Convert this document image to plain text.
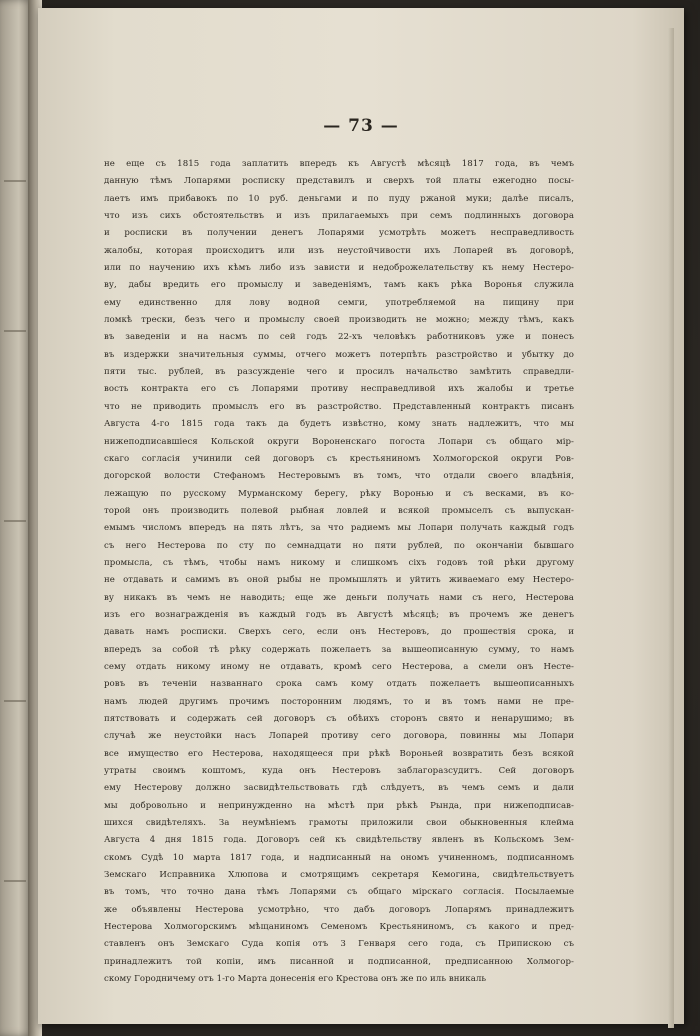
— 73 —
не еще съ 1815 года заплатить впередъ къ Августѣ мѣсяцѣ 1817 года, въ чемъ
данную тѣмъ Лопарями росписку представилъ и сверхъ той платы ежегодно посы-
лаетъ имъ прибавокъ по 10 руб. деньгами и по пуду ржаной муки; далѣе писалъ,
что изъ сихъ обстоятельствъ и изъ прилагаемыхъ при семъ подлинныхъ договора
и росписки въ получении денегъ Лопарями усмотрѣть можетъ несправедливость
жалобы, которая происходитъ или изъ неустойчивости ихъ Лопарей въ договорѣ,
или по научению ихъ кѣмъ либо изъ зависти и недоброжелательству къ нему Нестеро-
ву, дабы вредить его промыслу и заведеніямъ, тамъ какъ рѣка Воронья служила
ему единственно для лову водной семги, употребляемой на пищину при
ломкѣ трески, безъ чего и промыслу своей производить не можно; между тѣмъ, какъ
въ заведеніи и на насмъ по сей годъ 22-хъ человѣкъ работниковъ уже и понесъ
въ издержки значительныя суммы, отчего можетъ потерпѣть разстройство и убытку до
пяти тыс. рублей, въ разсужденіе чего и просилъ начальство замѣтить справедли-
вость контракта его съ Лопарями противу несправедливой ихъ жалобы и третье
что не приводить промыслъ его въ разстройство. Представленный контрактъ писанъ
Августа 4-го 1815 года такъ да будетъ извѣстно, кому знать надлежитъ, что мы
нижеподписавшіеся Кольской округи Вороненскаго погоста Лопари съ общаго мір-
скаго согласія учинили сей договоръ съ крестьяниномъ Холмогорской округи Ров-
догорской волости Стефаномъ Нестеровымъ въ томъ, что отдали своего владѣнія,
лежащую по русскому Мурманскому берегу, рѣку Воронью и съ весками, въ ко-
торой онъ производить полевой рыбная ловлей и всякой промыселъ съ выпускан-
емымъ числомъ впередъ на пять лѣтъ, за что радиемъ мы Лопари получать каждый годъ
съ него Нестерова по сту по семнадцати но пяти рублей, по окончаніи бывшаго
промысла, съ тѣмъ, чтобы намъ никому и слишкомъ сіхъ годовъ той рѣки другому
не отдавать и самимъ въ оной рыбы не промышлять и уйтить живаемаго ему Нестеро-
ву никакъ въ чемъ не наводить; еще же деньги получать нами съ него, Нестерова
изъ его вознагражденія въ каждый годъ въ Августѣ мѣсяцѣ; въ прочемъ же денегъ
давать намъ росписки. Сверхъ сего, если онъ Нестеровъ, до прошествія срока, и
впередъ за собой тѣ рѣку содержать пожелаетъ за вышеописанную сумму, то намъ
сему отдать никому иному не отдавать, кромѣ сего Нестерова, а смели онъ Несте-
ровъ въ теченіи названнаго срока самъ кому отдать пожелаетъ вышеописанныхъ
намъ людей другимъ прочимъ посторонним людямъ, то и въ томъ нами не пре-
пятствовать и содержать сей договоръ съ обѣихъ сторонъ свято и ненарушимо; въ
случаѣ же неустойки насъ Лопарей противу сего договора, повинны мы Лопари
все имущество его Нестерова, находящееся при рѣкѣ Вороньей возвратить безъ всякой
утраты своимъ коштомъ, куда онъ Нестеровъ заблагоразсудитъ. Сей договоръ
ему Нестерову должно засвидѣтельствовать гдѣ слѣдуетъ, въ чемъ семъ и дали
мы добровольно и непринужденно на мѣстѣ при рѣкѣ Рында, при нижеподписав-
шихся свидѣтеляхъ. За неумѣніемъ грамоты приложили свои обыкновенныя клейма
Августа 4 дня 1815 года. Договоръ сей къ свидѣтельству явленъ въ Кольскомъ Зем-
скомъ Судѣ 10 марта 1817 года, и надписанный на ономъ учиненномъ, подписанномъ
Земскаго Исправника Хлюпова и смотрящимъ секретаря Кемогина, свидѣтельствуетъ
въ томъ, что точно дана тѣмъ Лопарями съ общаго мірскаго согласія. Посылаемые
же объявлены Нестерова усмотрѣно, что дабъ договоръ Лопарямъ принадлежитъ
Нестерова Холмогорскимъ мѣщаниномъ Семеномъ Крестьяниномъ, съ какого и пред-
ставленъ онъ Земскаго Суда копія отъ 3 Генваря сего года, съ Припискою съ
принадлежитъ той копіи, имъ писанной и подписанной, предписанною Холмогор-
скому Городничему отъ 1-го Марта донесенія его Крестова онъ же по иль вникаль
